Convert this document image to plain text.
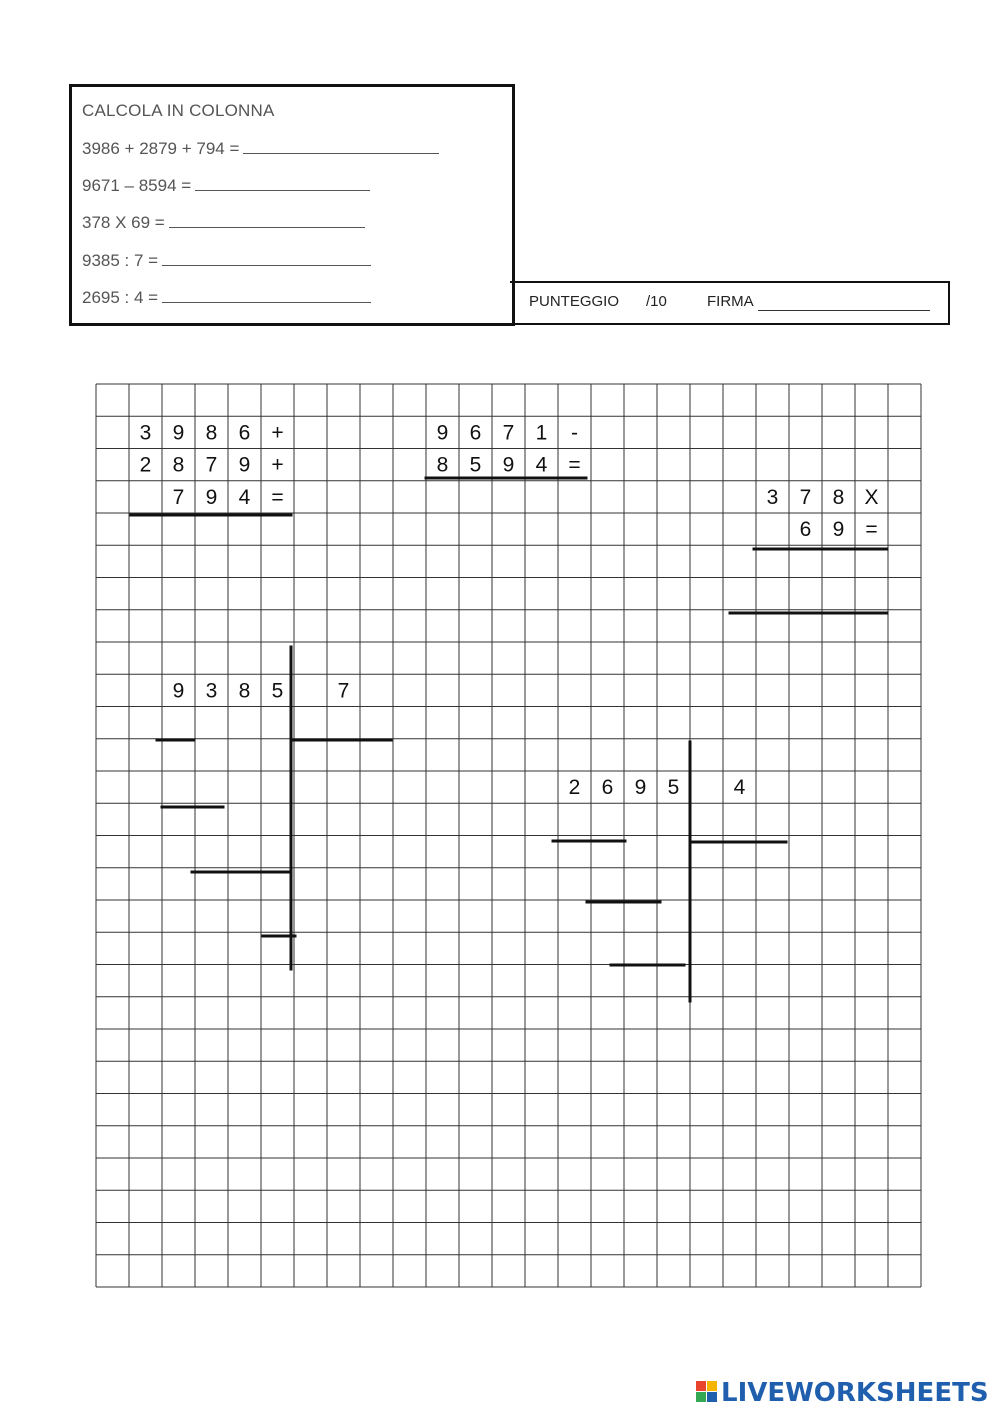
CALCOLA IN COLONNA
3986 + 2879 + 794 =
9671 – 8594 =
378 X 69 =
9385 : 7 =
2695 : 4 =	PUNTEGGIO /10	FIRMA
3 9 8 6 +
2 8 7 9 +
7 9 4 =
9 6 7 1 -
8 5 9 4 =
3 7 8 X
6 9 =
9 3 8 5	7
2 6 9 5	4
LIVEWORKSHEETS
